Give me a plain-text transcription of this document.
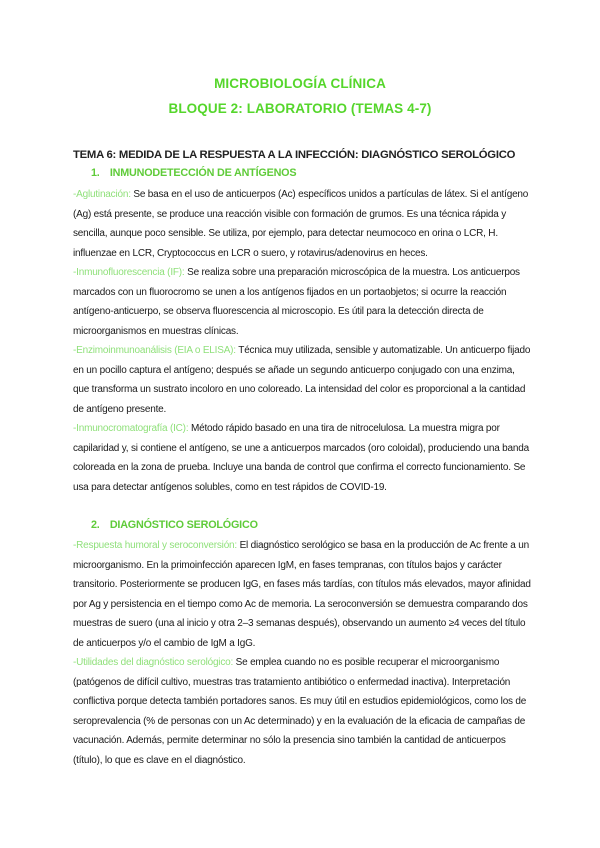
MICROBIOLOGÍA CLÍNICA
BLOQUE 2: LABORATORIO (TEMAS 4-7)
TEMA 6: MEDIDA DE LA RESPUESTA A LA INFECCIÓN: DIAGNÓSTICO SEROLÓGICO
1. INMUNODETECCIÓN DE ANTÍGENOS

-Aglutinación: Se basa en el uso de anticuerpos (Ac) específicos unidos a partículas de látex. Si el antígeno (Ag) está presente, se produce una reacción visible con formación de grumos. Es una técnica rápida y sencilla, aunque poco sensible. Se utiliza, por ejemplo, para detectar neumococo en orina o LCR, H. influenzae en LCR, Cryptococcus en LCR o suero, y rotavirus/adenovirus en heces.

-Inmunofluorescencia (IF): Se realiza sobre una preparación microscópica de la muestra. Los anticuerpos marcados con un fluorocromo se unen a los antígenos fijados en un portaobjetos; si ocurre la reacción antígeno-anticuerpo, se observa fluorescencia al microscopio. Es útil para la detección directa de microorganismos en muestras clínicas.

-Enzimoinmunoanálisis (EIA o ELISA): Técnica muy utilizada, sensible y automatizable. Un anticuerpo fijado en un pocillo captura el antígeno; después se añade un segundo anticuerpo conjugado con una enzima, que transforma un sustrato incoloro en uno coloreado. La intensidad del color es proporcional a la cantidad de antígeno presente.

-Inmunocromatografía (IC): Método rápido basado en una tira de nitrocelulosa. La muestra migra por capilaridad y, si contiene el antígeno, se une a anticuerpos marcados (oro coloidal), produciendo una banda coloreada en la zona de prueba. Incluye una banda de control que confirma el correcto funcionamiento. Se usa para detectar antígenos solubles, como en test rápidos de COVID-19.

2. DIAGNÓSTICO SEROLÓGICO

-Respuesta humoral y seroconversión: El diagnóstico serológico se basa en la producción de Ac frente a un microorganismo. En la primoinfección aparecen IgM, en fases tempranas, con títulos bajos y carácter transitorio. Posteriormente se producen IgG, en fases más tardías, con títulos más elevados, mayor afinidad por Ag y persistencia en el tiempo como Ac de memoria. La seroconversión se demuestra comparando dos muestras de suero (una al inicio y otra 2–3 semanas después), observando un aumento ≥4 veces del título de anticuerpos y/o el cambio de IgM a IgG.

-Utilidades del diagnóstico serológico: Se emplea cuando no es posible recuperar el microorganismo (patógenos de difícil cultivo, muestras tras tratamiento antibiótico o enfermedad inactiva). Interpretación conflictiva porque detecta también portadores sanos. Es muy útil en estudios epidemiológicos, como los de seroprevalencia (% de personas con un Ac determinado) y en la evaluación de la eficacia de campañas de vacunación. Además, permite determinar no sólo la presencia sino también la cantidad de anticuerpos (título), lo que es clave en el diagnóstico.
